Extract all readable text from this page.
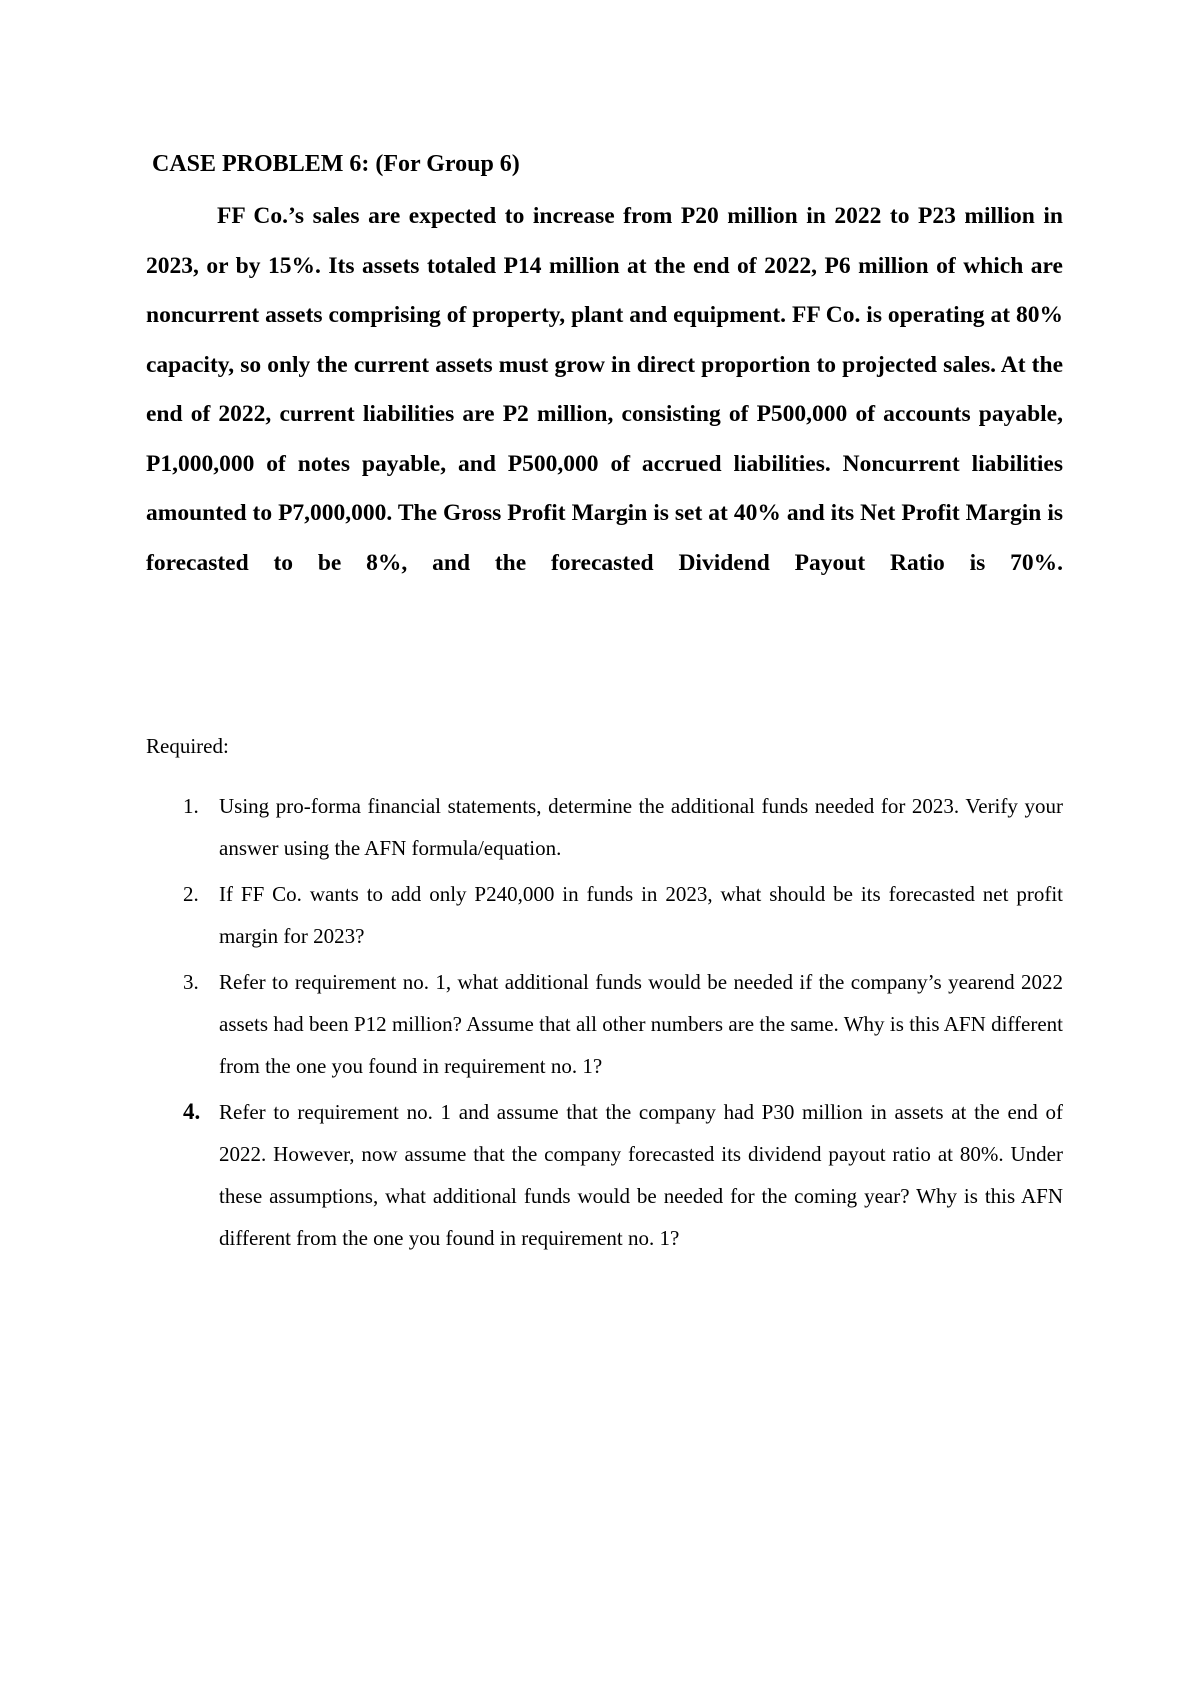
CASE PROBLEM 6: (For Group 6)

FF Co.’s sales are expected to increase from P20 million in 2022 to P23 million in 2023, or by 15%. Its assets totaled P14 million at the end of 2022, P6 million of which are noncurrent assets comprising of property, plant and equipment. FF Co. is operating at 80% capacity, so only the current assets must grow in direct proportion to projected sales. At the end of 2022, current liabilities are P2 million, consisting of P500,000 of accounts payable, P1,000,000 of notes payable, and P500,000 of accrued liabilities. Noncurrent liabilities amounted to P7,000,000. The Gross Profit Margin is set at 40% and its Net Profit Margin is forecasted to be 8%, and the forecasted Dividend Payout Ratio is 70%.

Required:

1. Using pro-forma financial statements, determine the additional funds needed for 2023. Verify your answer using the AFN formula/equation.
2. If FF Co. wants to add only P240,000 in funds in 2023, what should be its forecasted net profit margin for 2023?
3. Refer to requirement no. 1, what additional funds would be needed if the company’s yearend 2022 assets had been P12 million? Assume that all other numbers are the same. Why is this AFN different from the one you found in requirement no. 1?
4. Refer to requirement no. 1 and assume that the company had P30 million in assets at the end of 2022. However, now assume that the company forecasted its dividend payout ratio at 80%. Under these assumptions, what additional funds would be needed for the coming year? Why is this AFN different from the one you found in requirement no. 1?
